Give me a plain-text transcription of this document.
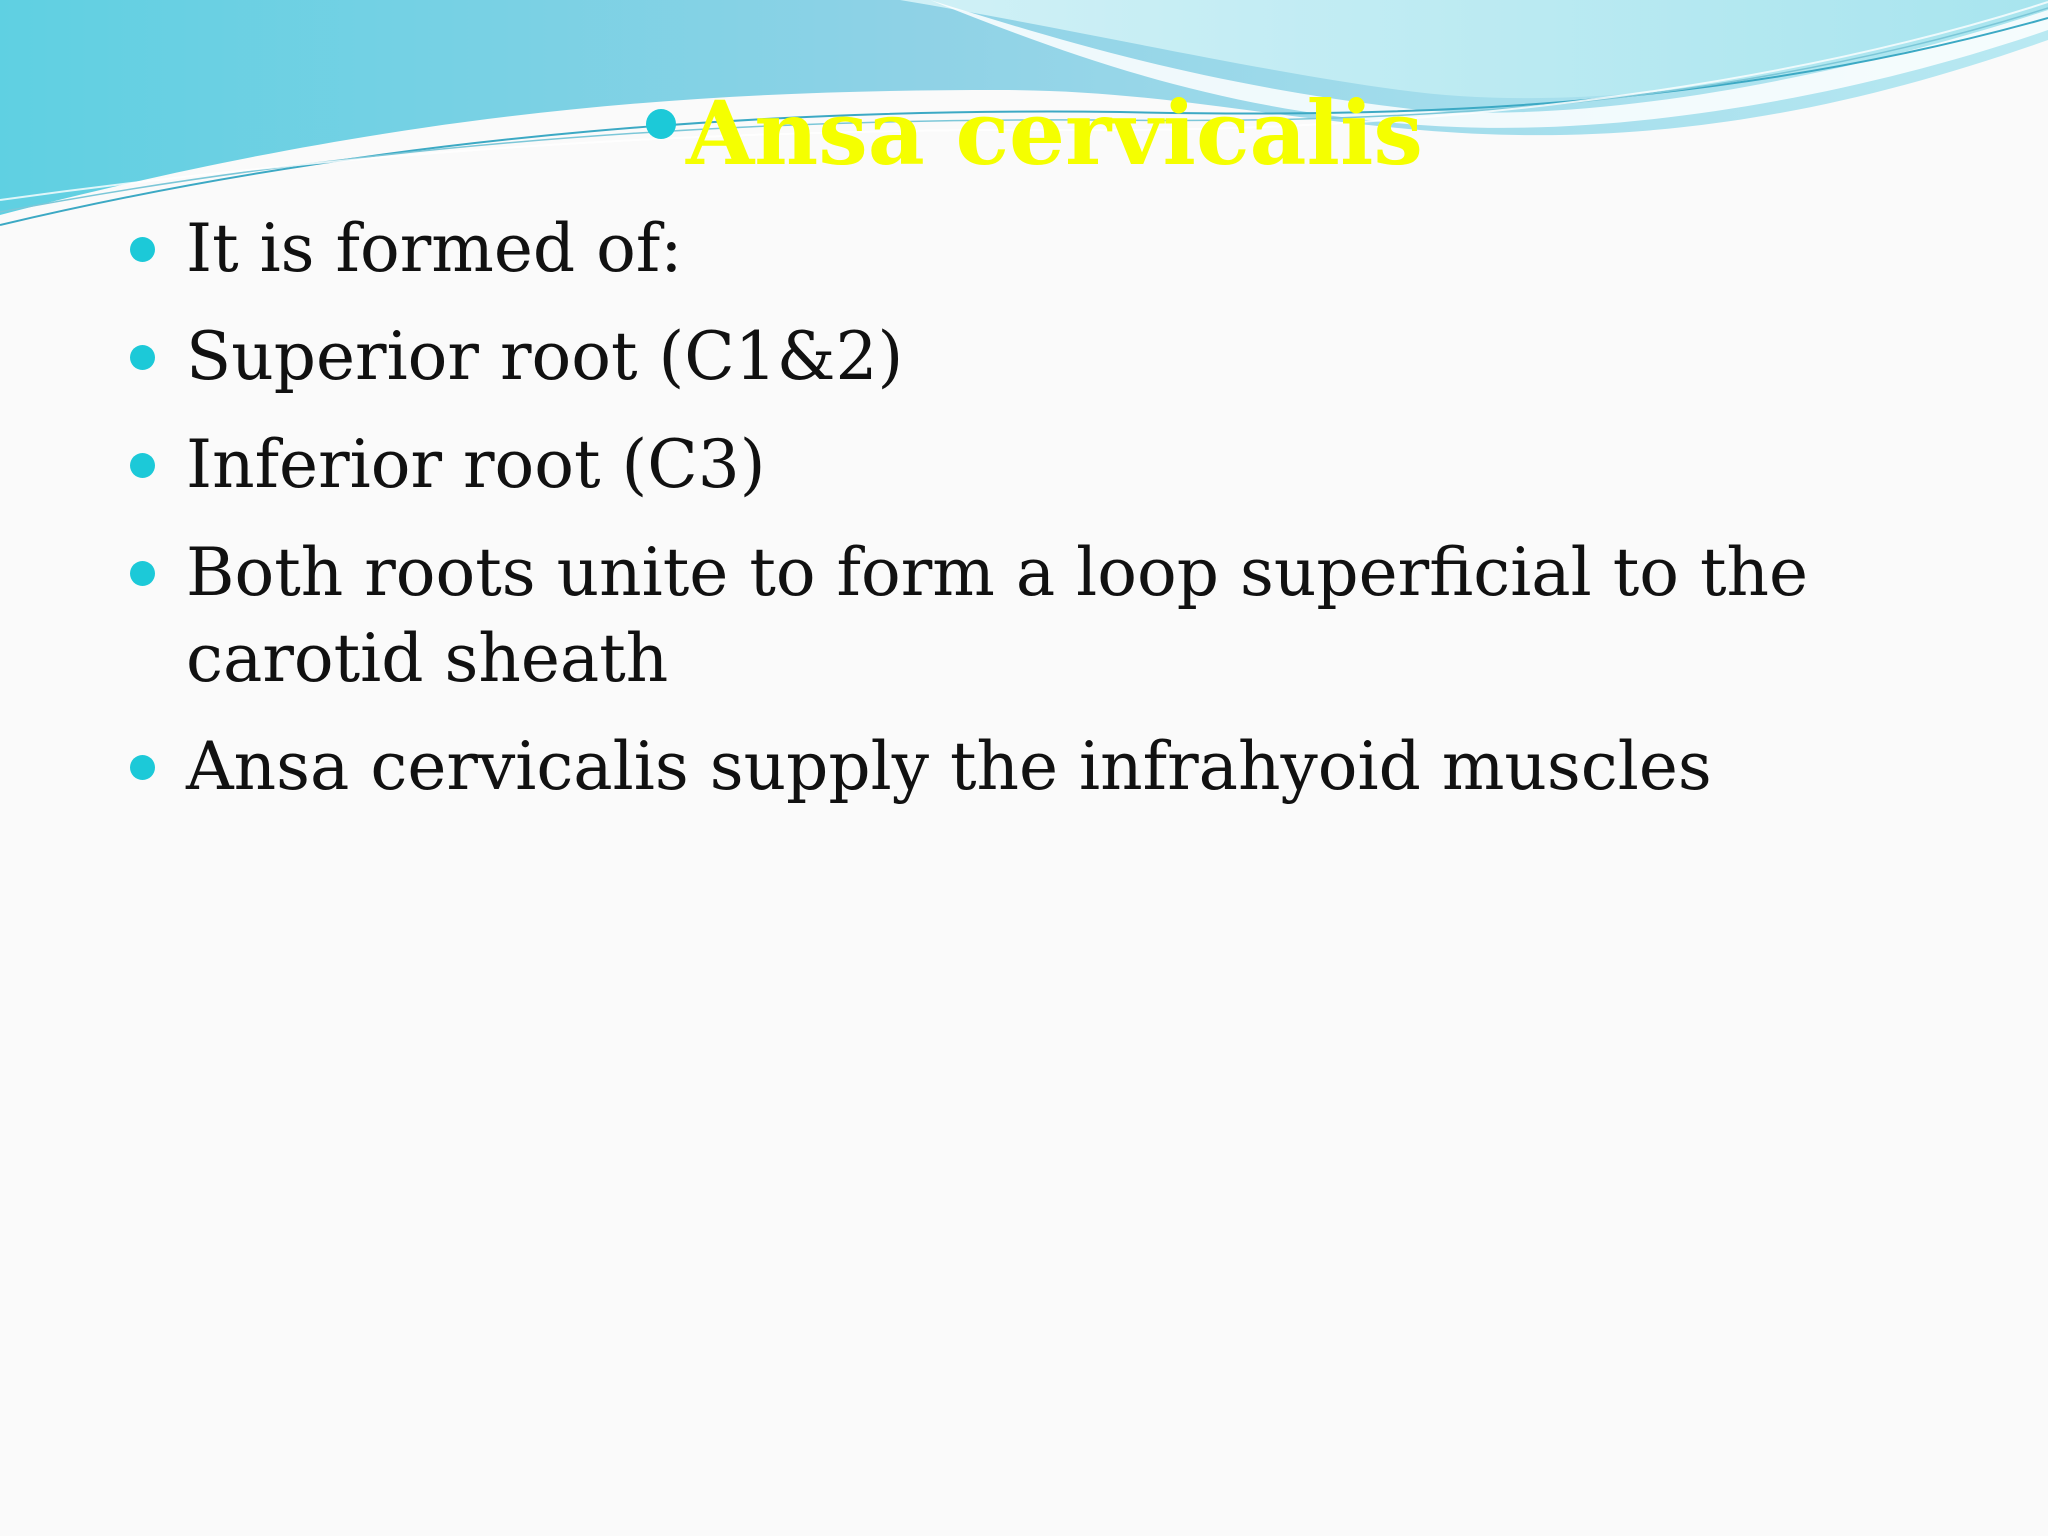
Ansa cervicalis
It is formed of:
Superior root (C1&2)
Inferior root (C3)
Both roots unite to form a loop superficial to the carotid sheath
Ansa cervicalis supply the infrahyoid muscles
